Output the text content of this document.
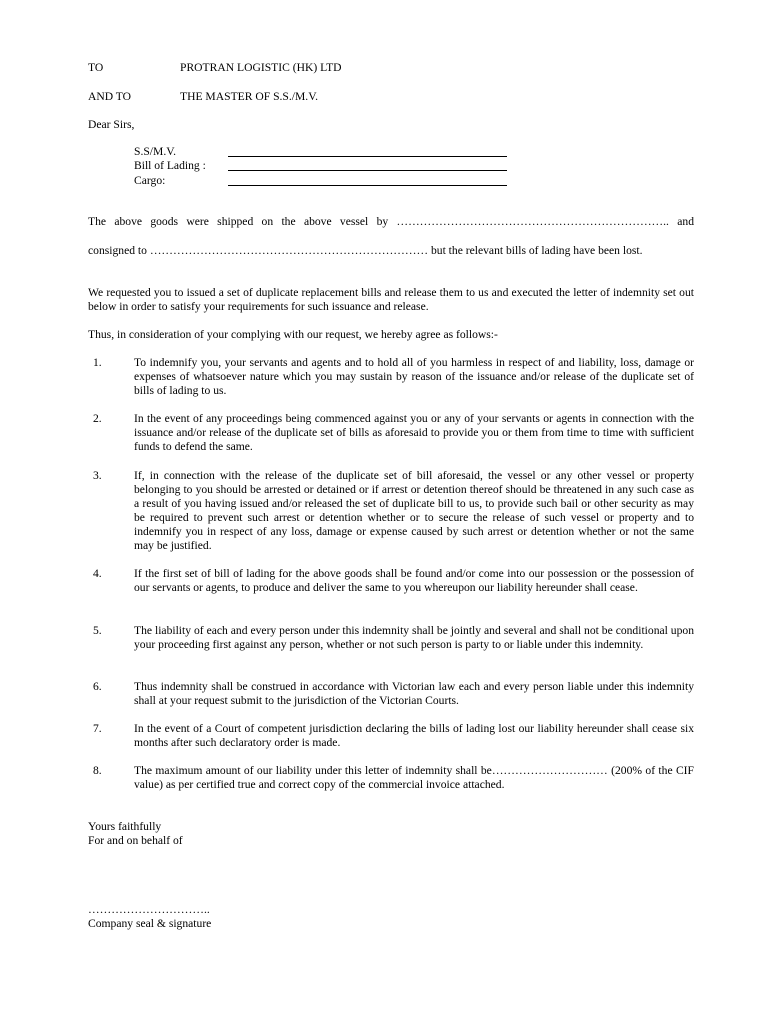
TO	PROTRAN LOGISTIC (HK) LTD
AND TO	THE MASTER OF S.S./M.V.
Dear Sirs,
S.S/M.V.
Bill of Lading :
Cargo:
The above goods were shipped on the above vessel by …………………………………………………………….. and
consigned to ……………………………………………………………… but the relevant bills of lading have been lost.
We requested you to issued a set of duplicate replacement bills and release them to us and executed the letter of indemnity set out below in order to satisfy your requirements for such issuance and release.
Thus, in consideration of your complying with our request, we hereby agree as follows:-
1.	To indemnify you, your servants and agents and to hold all of you harmless in respect of and liability, loss, damage or expenses of whatsoever nature which you may sustain by reason of the issuance and/or release of the duplicate set of bills of lading to us.
2.	In the event of any proceedings being commenced against you or any of your servants or agents in connection with the issuance and/or release of the duplicate set of bills as aforesaid to provide you or them from time to time with sufficient funds to defend the same.
3.	If, in connection with the release of the duplicate set of bill aforesaid, the vessel or any other vessel or property belonging to you should be arrested or detained or if arrest or detention thereof should be threatened in any such case as a result of you having issued and/or released the set of duplicate bill to us, to provide such bail or other security as may be required to prevent such arrest or detention whether or to secure the release of such vessel or property and to indemnify you in respect of any loss, damage or expense caused by such arrest or detention whether or not the same may be justified.
4.	If the first set of bill of lading for the above goods shall be found and/or come into our possession or the possession of our servants or agents, to produce and deliver the same to you whereupon our liability hereunder shall cease.
5.	The liability of each and every person under this indemnity shall be jointly and several and shall not be conditional upon your proceeding first against any person, whether or not such person is party to or liable under this indemnity.
6.	Thus indemnity shall be construed in accordance with Victorian law each and every person liable under this indemnity shall at your request submit to the jurisdiction of the Victorian Courts.
7.	In the event of a Court of competent jurisdiction declaring the bills of lading lost our liability hereunder shall cease six months after such declaratory order is made.
8.	The maximum amount of our liability under this letter of indemnity shall be………………………… (200% of the CIF value) as per certified true and correct copy of the commercial invoice attached.
Yours faithfully
For and on behalf of
…………………………..
Company seal & signature
